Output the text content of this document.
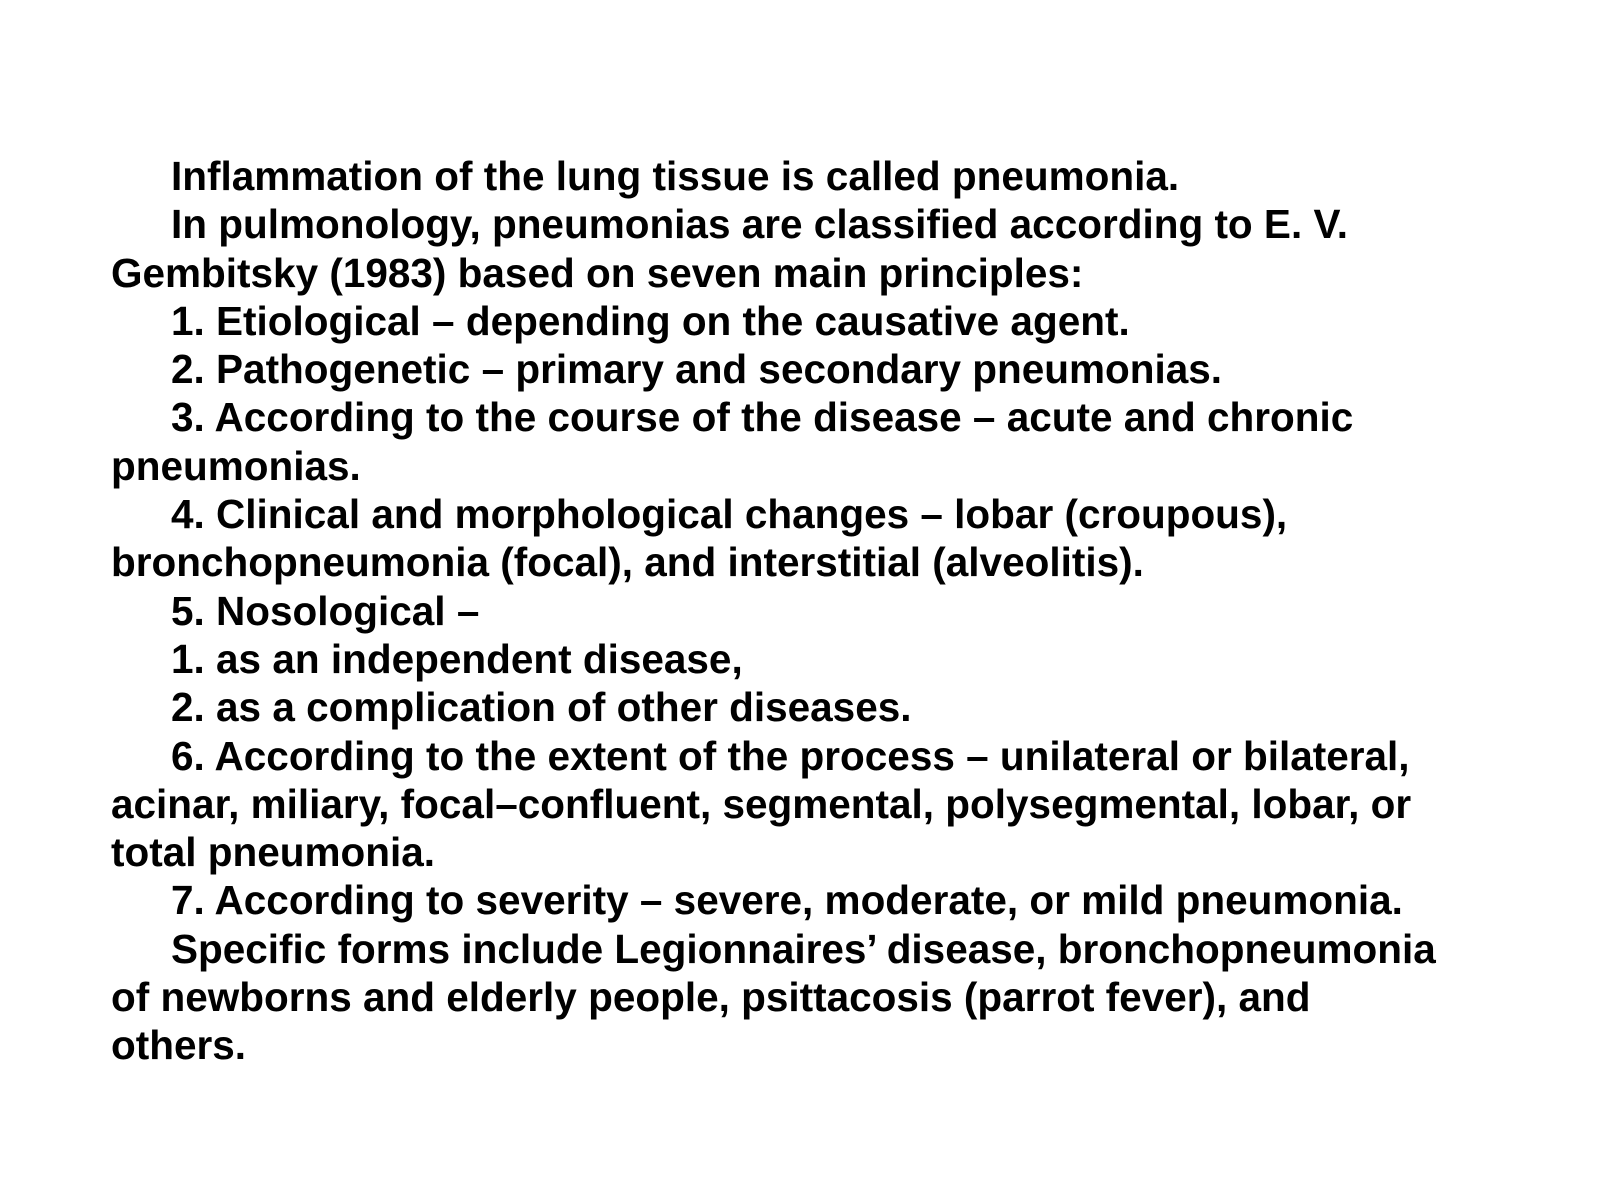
Inflammation of the lung tissue is called pneumonia.

In pulmonology, pneumonias are classified according to E. V. Gembitsky (1983) based on seven main principles:

1. Etiological – depending on the causative agent.

2. Pathogenetic – primary and secondary pneumonias.

3. According to the course of the disease – acute and chronic pneumonias.

4. Clinical and morphological changes – lobar (croupous), bronchopneumonia (focal), and interstitial (alveolitis).

5. Nosological –

1. as an independent disease,

2. as a complication of other diseases.

6. According to the extent of the process – unilateral or bilateral, acinar, miliary, focal–confluent, segmental, polysegmental, lobar, or total pneumonia.

7. According to severity – severe, moderate, or mild pneumonia.

Specific forms include Legionnaires’ disease, bronchopneumonia of newborns and elderly people, psittacosis (parrot fever), and others.
